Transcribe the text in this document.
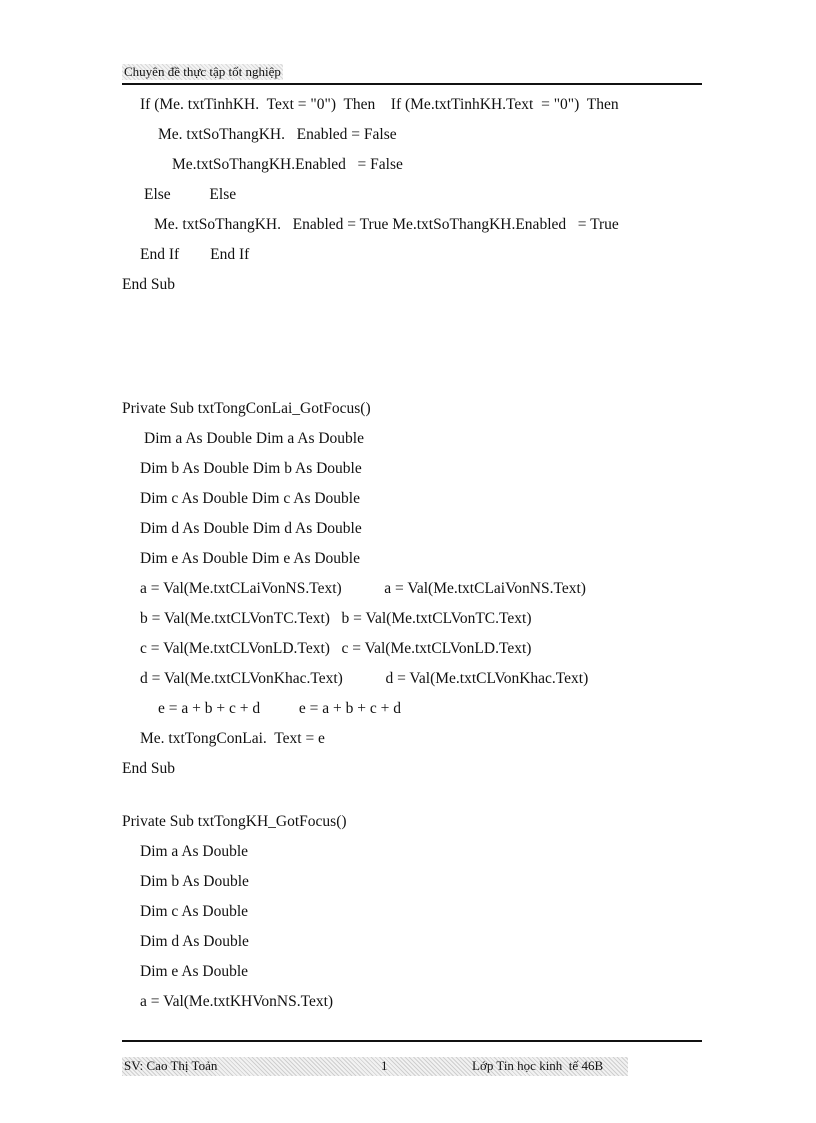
Chuyên đề thực tập tốt nghiệp
If (Me. txtTinhKH.  Text = "0")  Then    If (Me.txtTinhKH.Text  = "0")  Then
Me. txtSoThangKH.   Enabled = False
Me.txtSoThangKH.Enabled   = False
Else          Else
Me. txtSoThangKH.   Enabled = True Me.txtSoThangKH.Enabled   = True
End If        End If
End Sub
Private Sub txtTongConLai_GotFocus()
Dim a As Double Dim a As Double
Dim b As Double Dim b As Double
Dim c As Double Dim c As Double
Dim d As Double Dim d As Double
Dim e As Double Dim e As Double
a = Val(Me.txtCLaiVonNS.Text)           a = Val(Me.txtCLaiVonNS.Text)
b = Val(Me.txtCLVonTC.Text)   b = Val(Me.txtCLVonTC.Text)
c = Val(Me.txtCLVonLD.Text)   c = Val(Me.txtCLVonLD.Text)
d = Val(Me.txtCLVonKhac.Text)           d = Val(Me.txtCLVonKhac.Text)
e = a + b + c + d          e = a + b + c + d
Me. txtTongConLai.  Text = e
End Sub
Private Sub txtTongKH_GotFocus()
Dim a As Double
Dim b As Double
Dim c As Double
Dim d As Double
Dim e As Double
a = Val(Me.txtKHVonNS.Text)
SV: Cao Thị Toản	1	Lớp Tin học kinh  tế 46B
